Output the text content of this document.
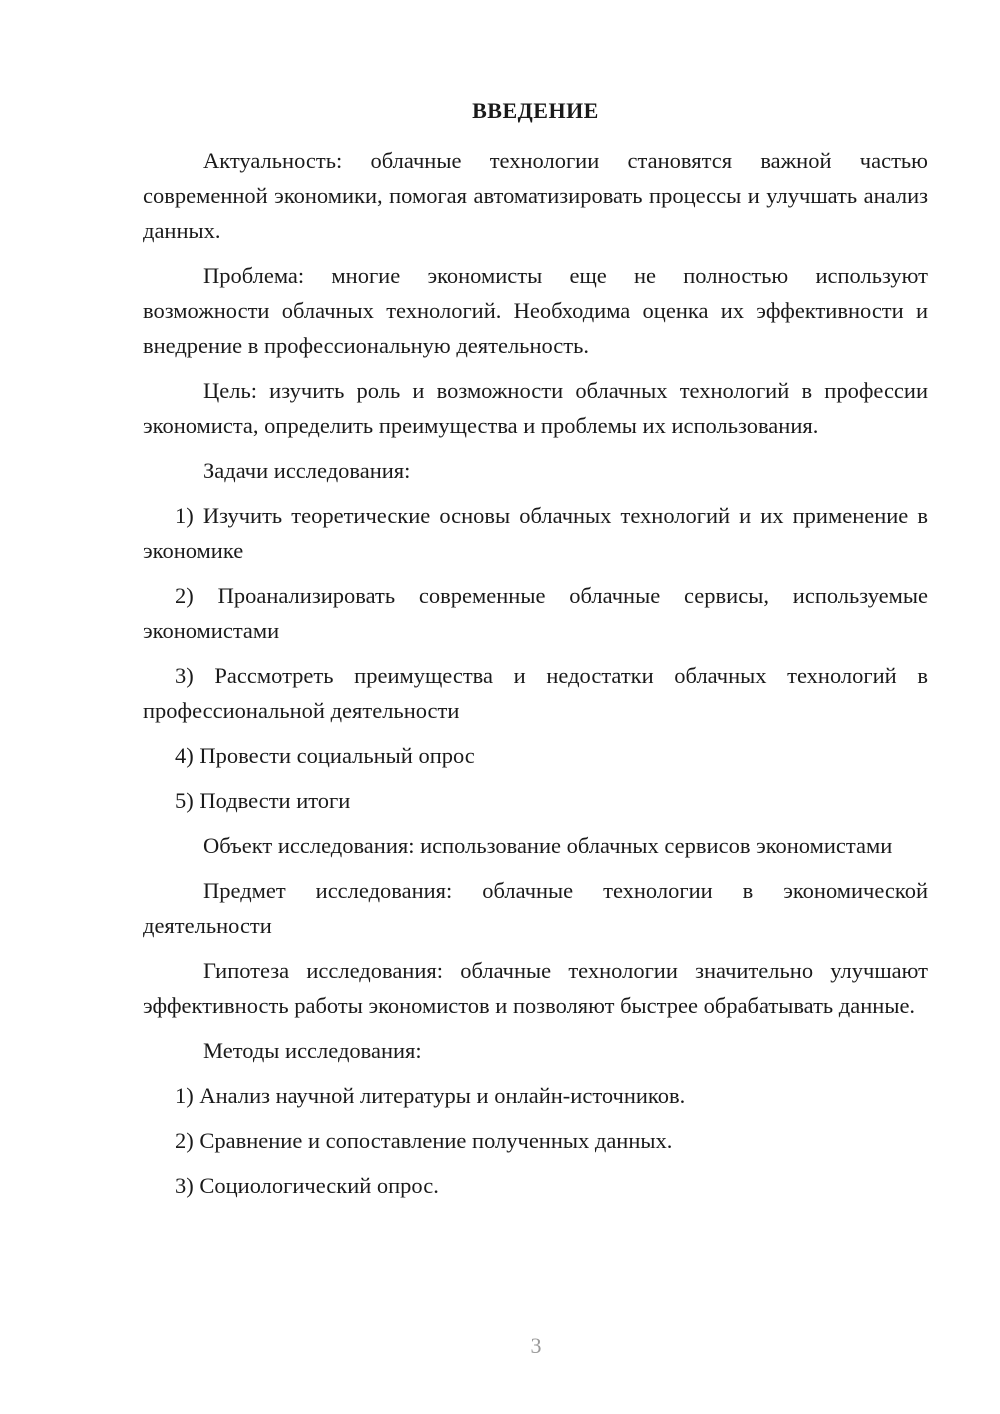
ВВЕДЕНИЕ

Актуальность: облачные технологии становятся важной частью современной экономики, помогая автоматизировать процессы и улучшать анализ данных.

Проблема: многие экономисты еще не полностью используют возможности облачных технологий. Необходима оценка их эффективности и внедрение в профессиональную деятельность.

Цель: изучить роль и возможности облачных технологий в профессии экономиста, определить преимущества и проблемы их использования.

Задачи исследования:

1) Изучить теоретические основы облачных технологий и их применение в экономике

2) Проанализировать современные облачные сервисы, используемые экономистами

3) Рассмотреть преимущества и недостатки облачных технологий в профессиональной деятельности

4) Провести социальный опрос

5) Подвести итоги

Объект исследования: использование облачных сервисов экономистами

Предмет исследования: облачные технологии в экономической деятельности

Гипотеза исследования: облачные технологии значительно улучшают эффективность работы экономистов и позволяют быстрее обрабатывать данные.

Методы исследования:

1) Анализ научной литературы и онлайн-источников.

2) Сравнение и сопоставление полученных данных.

3) Социологический опрос.

3
